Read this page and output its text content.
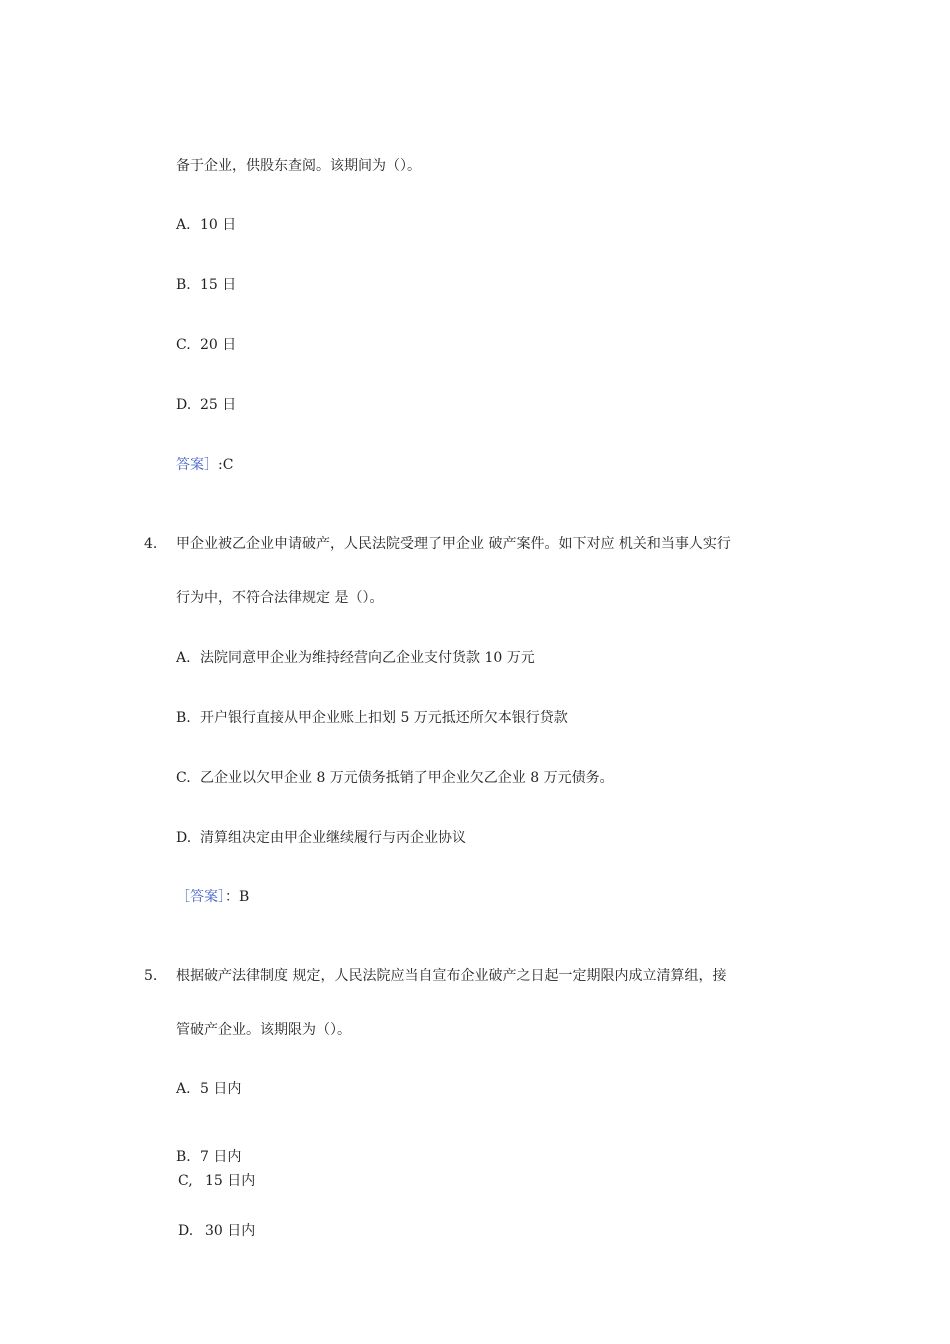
备于企业，供股东查阅。该期间为（）。
A. 10 日
B. 15 日
C. 20 日
D. 25 日
答案］:C
4. 甲企业被乙企业申请破产，人民法院受理了甲企业 破产案件。如下对应 机关和当事人实行
行为中，不符合法律规定 是（）。
A. 法院同意甲企业为维持经营向乙企业支付货款 10 万元
B. 开户银行直接从甲企业账上扣划 5 万元抵还所欠本银行贷款
C. 乙企业以欠甲企业 8 万元债务抵销了甲企业欠乙企业 8 万元债务。
D. 清算组决定由甲企业继续履行与丙企业协议
［答案］：B
5. 根据破产法律制度 规定，人民法院应当自宣布企业破产之日起一定期限内成立清算组，接
管破产企业。该期限为（）。
A. 5 日内
B. 7 日内
C, 15 日内
D. 30 日内
